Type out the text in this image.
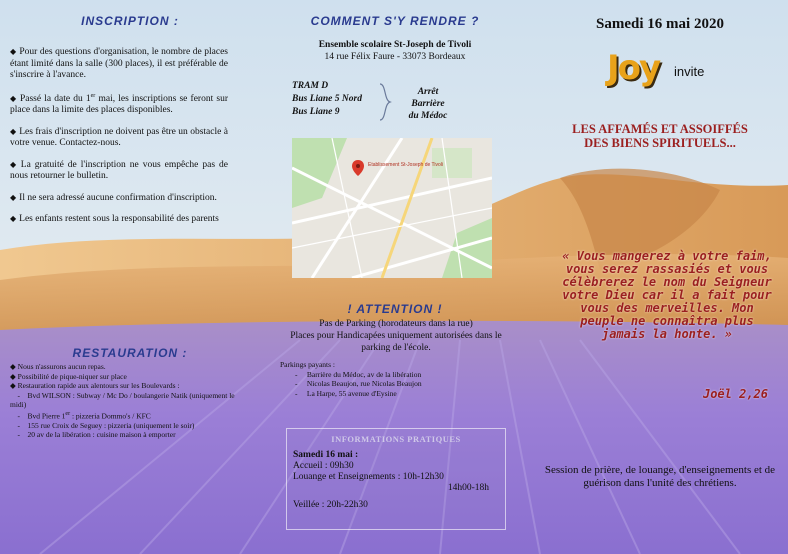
INSCRIPTION :

◆ Pour des questions d'organisation, le nombre de places étant limité dans la salle (300 places), il est préférable de s'inscrire à l'avance.

◆ Passé la date du 1er mai, les inscriptions se feront sur place dans la limite des places disponibles.

◆ Les frais d'inscription ne doivent pas être un obstacle à votre venue. Contactez-nous.

◆ La gratuité de l'inscription ne vous empêche pas de nous retourner le bulletin.

◆ Il ne sera adressé aucune confirmation d'inscription.

◆ Les enfants restent sous la responsabilité des parents

RESTAURATION :
◆ Nous n'assurons aucun repas.
◆ Possibilité de pique-niquer sur place
◆ Restauration rapide aux alentours sur les Boulevards :
-    Bvd WILSON : Subway / Mc Do / boulangerie Natik (uniquement le midi)
-    Bvd Pierre 1er : pizzeria Dommo's / KFC
-    155 rue Croix de Seguey : pizzeria (uniquement le soir)
-    20 av de la libération : cuisine maison à emporter
COMMENT S'Y RENDRE ?
Ensemble scolaire St-Joseph de Tivoli
14 rue Félix Faure - 33073 Bordeaux
TRAM D
Bus Liane 5 Nord
Bus Liane 9
Arrêt
Barrière
du Médoc
Etablissement St-Joseph de Tivoli
! ATTENTION !
Pas de Parking (horodateurs dans la rue)
Places pour Handicapées uniquement autorisées dans le parking de l'école.
Parkings payants :
-     Barrière du Médoc, av de la libération
-     Nicolas Beaujon, rue Nicolas Beaujon
-     La Harpe, 55 avenue d'Eysine
INFORMATIONS PRATIQUES
Samedi 16 mai :
Accueil : 09h30
Louange et Enseignements : 10h-12h30
14h00-18h
Veillée : 20h-22h30
Samedi 16 mai 2020
Joy invite
LES AFFAMÉS ET ASSOIFFÉS
DES BIENS SPIRITUELS...
« Vous mangerez à votre faim, vous serez rassasiés et vous célèbrerez le nom du Seigneur votre Dieu car il a fait pour vous des merveilles. Mon peuple ne connaîtra plus jamais la honte. »
Joël 2,26
Session de prière, de louange, d'enseignements et de guérison dans l'unité des chrétiens.
